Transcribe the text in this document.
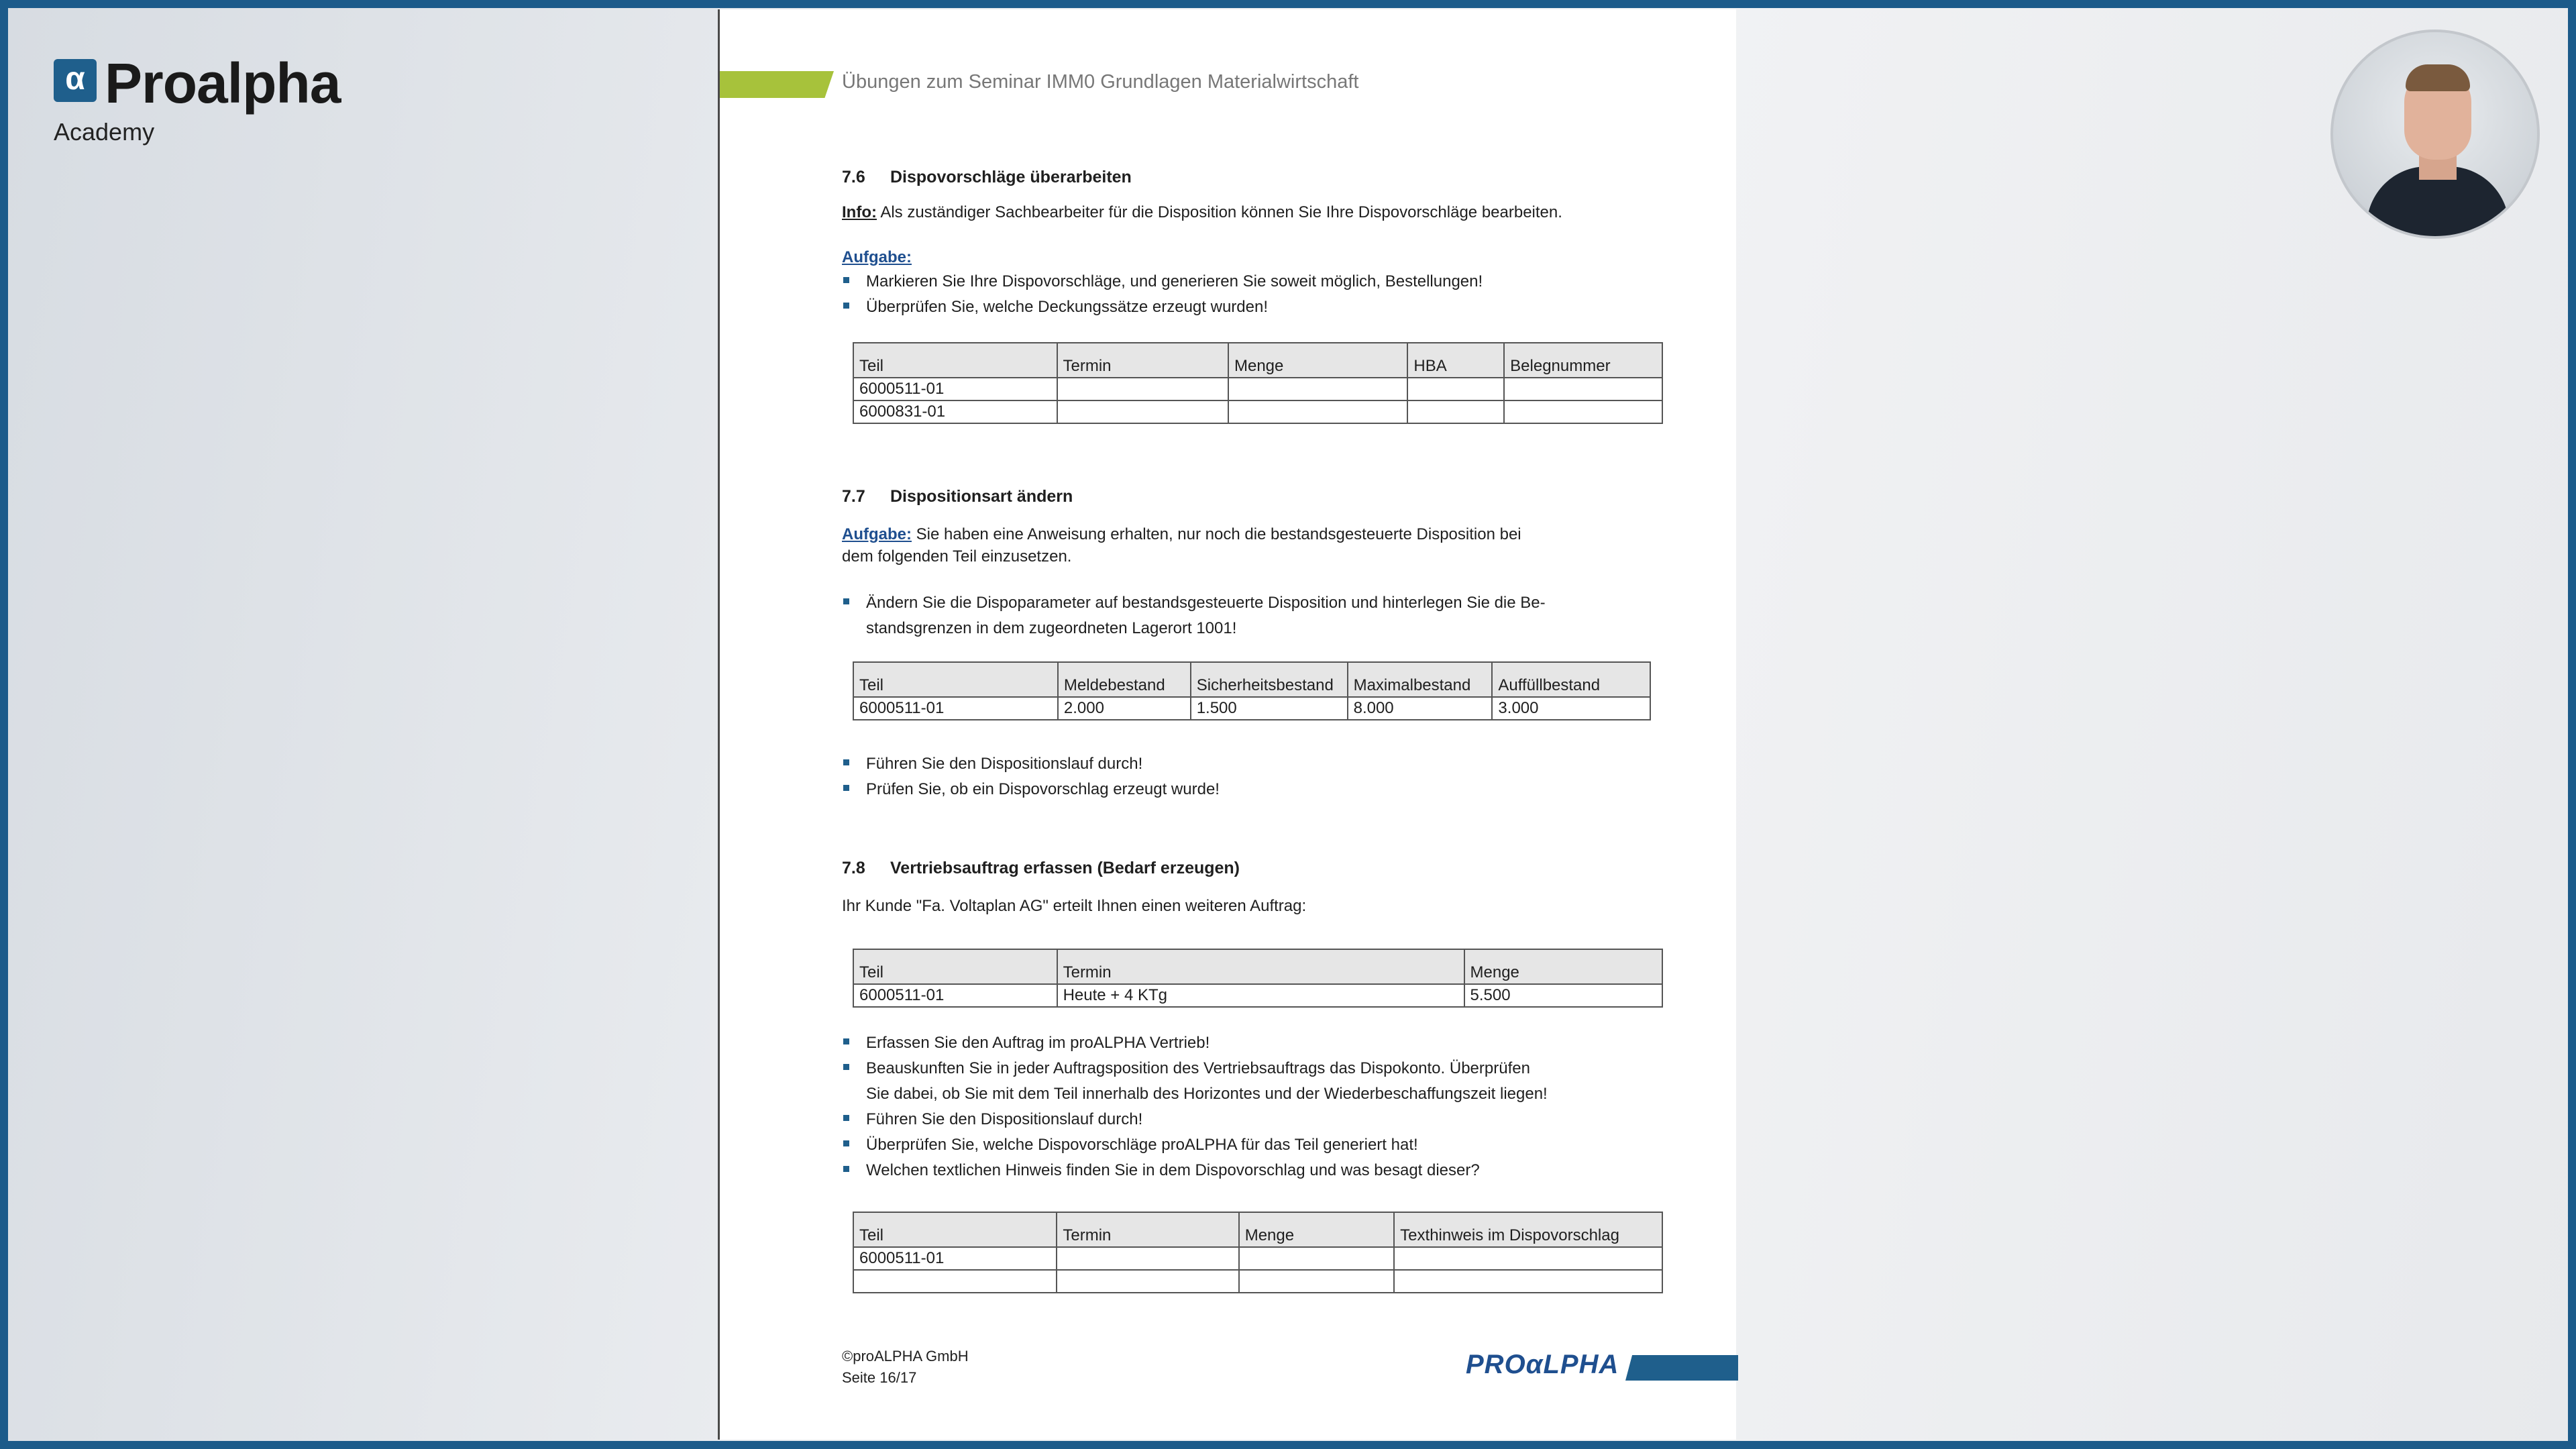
α Proalpha
Academy
Übungen zum Seminar IMM0 Grundlagen Materialwirtschaft
7.6 Dispovorschläge überarbeiten
Info: Als zuständiger Sachbearbeiter für die Disposition können Sie Ihre Dispovorschläge bearbeiten.
Aufgabe:
Markieren Sie Ihre Dispovorschläge, und generieren Sie soweit möglich, Bestellungen!
Überprüfen Sie, welche Deckungssätze erzeugt wurden!
Teil	Termin	Menge	HBA	Belegnummer
6000511-01				
6000831-01				
7.7 Dispositionsart ändern
Aufgabe: Sie haben eine Anweisung erhalten, nur noch die bestandsgesteuerte Disposition bei
dem folgenden Teil einzusetzen.
Ändern Sie die Dispoparameter auf bestandsgesteuerte Disposition und hinterlegen Sie die Be-
standsgrenzen in dem zugeordneten Lagerort 1001!
Teil	Meldebestand	Sicherheitsbestand	Maximalbestand	Auffüllbestand
6000511-01	2.000	1.500	8.000	3.000
Führen Sie den Dispositionslauf durch!
Prüfen Sie, ob ein Dispovorschlag erzeugt wurde!
7.8 Vertriebsauftrag erfassen (Bedarf erzeugen)
Ihr Kunde "Fa. Voltaplan AG" erteilt Ihnen einen weiteren Auftrag:
Teil	Termin	Menge
6000511-01	Heute + 4 KTg	5.500
Erfassen Sie den Auftrag im proALPHA Vertrieb!
Beauskunften Sie in jeder Auftragsposition des Vertriebsauftrags das Dispokonto. Überprüfen
Sie dabei, ob Sie mit dem Teil innerhalb des Horizontes und der Wiederbeschaffungszeit liegen!
Führen Sie den Dispositionslauf durch!
Überprüfen Sie, welche Dispovorschläge proALPHA für das Teil generiert hat!
Welchen textlichen Hinweis finden Sie in dem Dispovorschlag und was besagt dieser?
Teil	Termin	Menge	Texthinweis im Dispovorschlag
6000511-01			

©proALPHA GmbH
Seite 16/17	PROαLPHA
